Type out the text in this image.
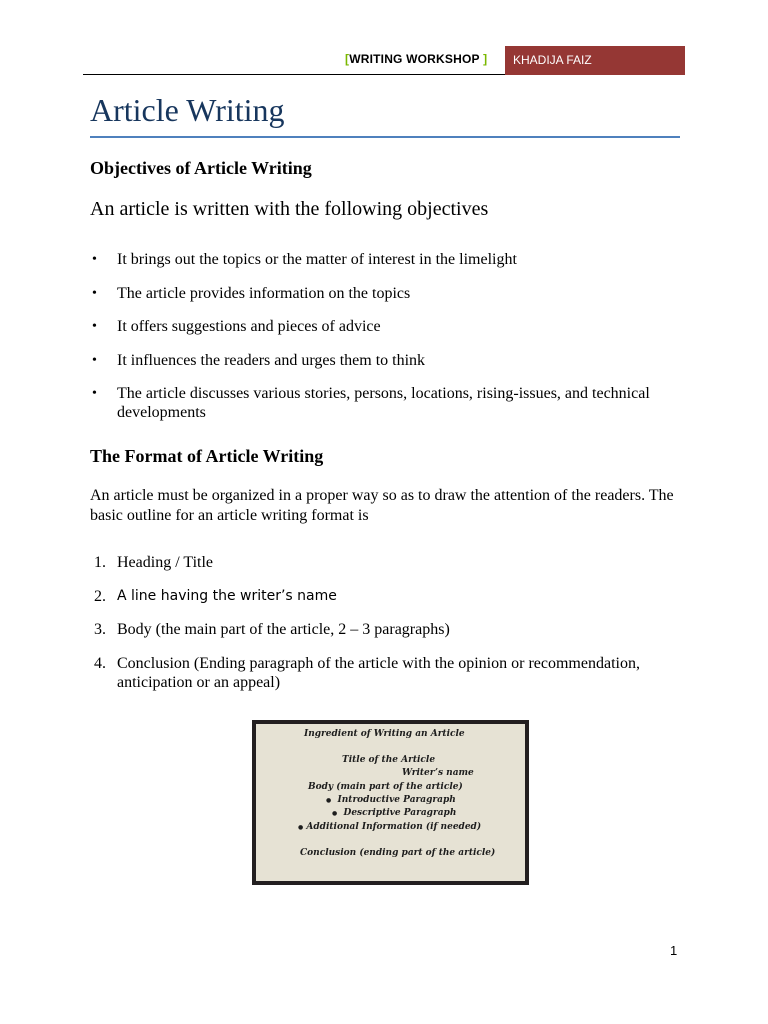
[WRITING WORKSHOP ]	KHADIJA FAIZ
Article Writing
Objectives of Article Writing

An article is written with the following objectives

• It brings out the topics or the matter of interest in the limelight
• The article provides information on the topics
• It offers suggestions and pieces of advice
• It influences the readers and urges them to think
• The article discusses various stories, persons, locations, rising-issues, and technical developments
The Format of Article Writing

An article must be organized in a proper way so as to draw the attention of the readers. The basic outline for an article writing format is

1. Heading / Title
2. A line having the writer’s name
3. Body (the main part of the article, 2 – 3 paragraphs)
4. Conclusion (Ending paragraph of the article with the opinion or recommendation, anticipation or an appeal)
Ingredient of Writing an Article
Title of the Article
Writer’s name
Body (main part of the article)
● Introductive Paragraph
● Descriptive Paragraph
● Additional Information (if needed)
Conclusion (ending part of the article)
1
